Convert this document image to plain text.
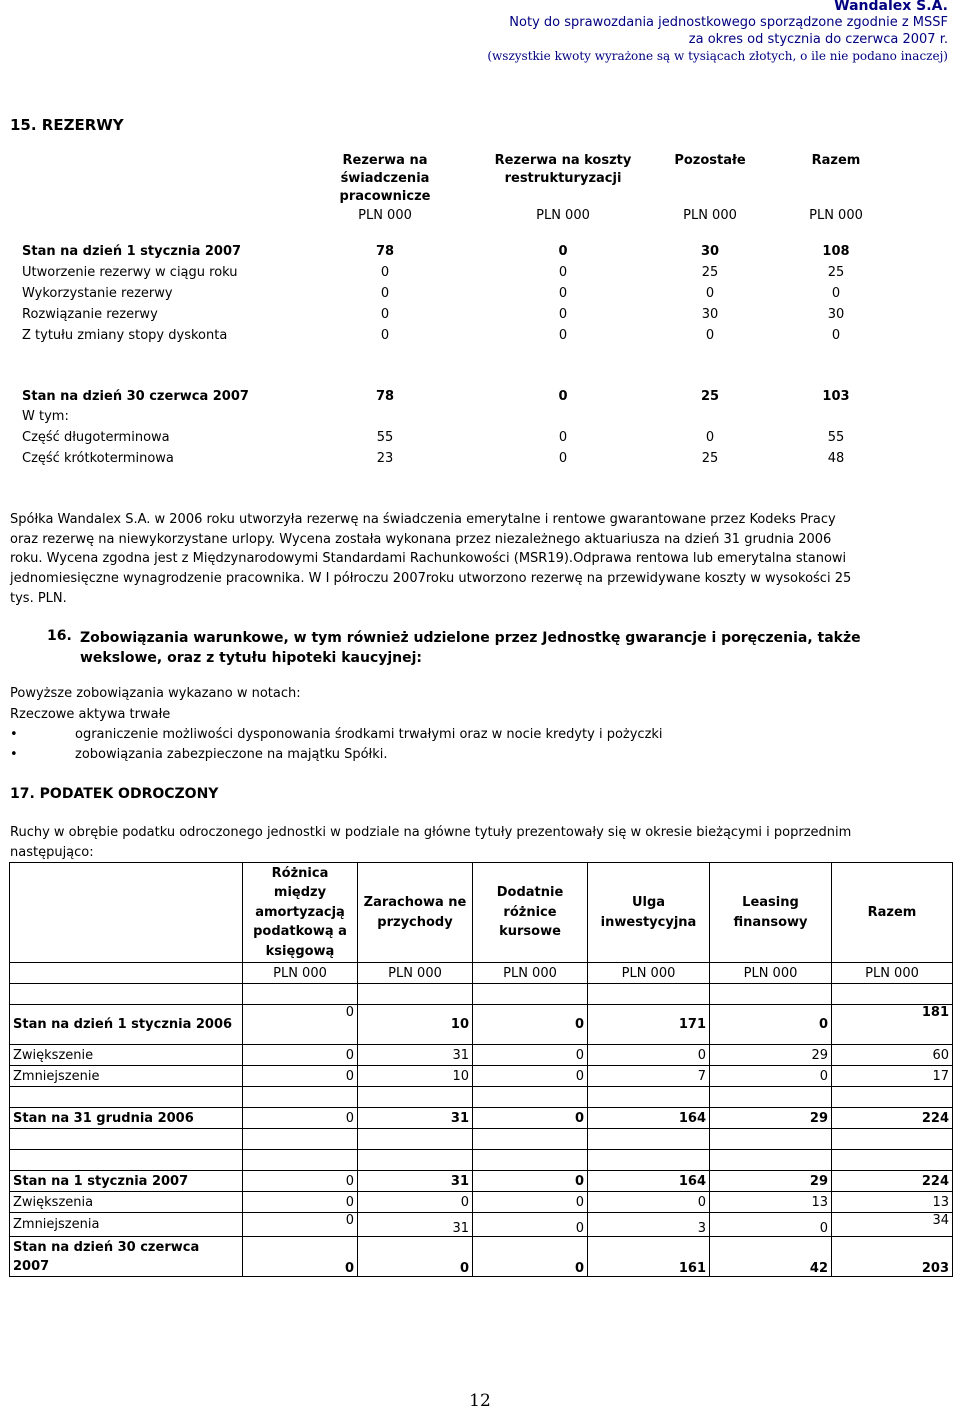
Wandalex S.A.
Noty do sprawozdania jednostkowego sporządzone zgodnie z MSSF
za okres od stycznia do czerwca 2007 r.
(wszystkie kwoty wyrażone są w tysiącach złotych, o ile nie podano inaczej)
15. REZERWY
Rezerwa na świadczenia pracownicze
Rezerwa na koszty restrukturyzacji
Pozostałe	Razem
PLN 000	PLN 000	PLN 000	PLN 000
Stan na dzień 1 stycznia 2007	78	0	30	108
Utworzenie rezerwy w ciągu roku	0	0	25	25
Wykorzystanie rezerwy	0	0	0	0
Rozwiązanie rezerwy	0	0	30	30
Z tytułu zmiany stopy dyskonta	0	0	0	0
Stan na dzień 30 czerwca 2007	78	0	25	103
W tym:
Część długoterminowa	55	0	0	55
Część krótkoterminowa	23	0	25	48
Spółka Wandalex S.A. w 2006 roku utworzyła rezerwę na świadczenia emerytalne i rentowe gwarantowane przez Kodeks Pracy
oraz rezerwę na niewykorzystane urlopy. Wycena została wykonana przez niezależnego aktuariusza na dzień 31 grudnia 2006
roku. Wycena zgodna jest z Międzynarodowymi Standardami Rachunkowości (MSR19).Odprawa rentowa lub emerytalna stanowi
jednomiesięczne wynagrodzenie pracownika. W I półroczu 2007roku utworzono rezerwę na przewidywane koszty w wysokości 25
tys. PLN.
16. Zobowiązania warunkowe, w tym również udzielone przez Jednostkę gwarancje i poręczenia, także wekslowe, oraz z tytułu hipoteki kaucyjnej:
Powyższe zobowiązania wykazano w notach:
Rzeczowe aktywa trwałe
•	ograniczenie możliwości dysponowania środkami trwałymi oraz w nocie kredyty i pożyczki
•	zobowiązania zabezpieczone na majątku Spółki.
17. PODATEK ODROCZONY
Ruchy w obrębie podatku odroczonego jednostki w podziale na główne tytuły prezentowały się w okresie bieżącymi i poprzednim
następująco:
	Różnica między amortyzacją podatkową a księgową	Zarachowa ne przychody	Dodatnie różnice kursowe	Ulga inwestycyjna	Leasing finansowy	Razem
	PLN 000	PLN 000	PLN 000	PLN 000	PLN 000	PLN 000

Stan na dzień 1 stycznia 2006	0	10	0	171	0	181
Zwiększenie	0	31	0	0	29	60
Zmniejszenie	0	10	0	7	0	17

Stan na 31 grudnia 2006	0	31	0	164	29	224

Stan na 1 stycznia 2007	0	31	0	164	29	224
Zwiększenia	0	0	0	0	13	13
Zmniejszenia	0	31	0	3	0	34
Stan na dzień 30 czerwca 2007	0	0	0	161	42	203
12
